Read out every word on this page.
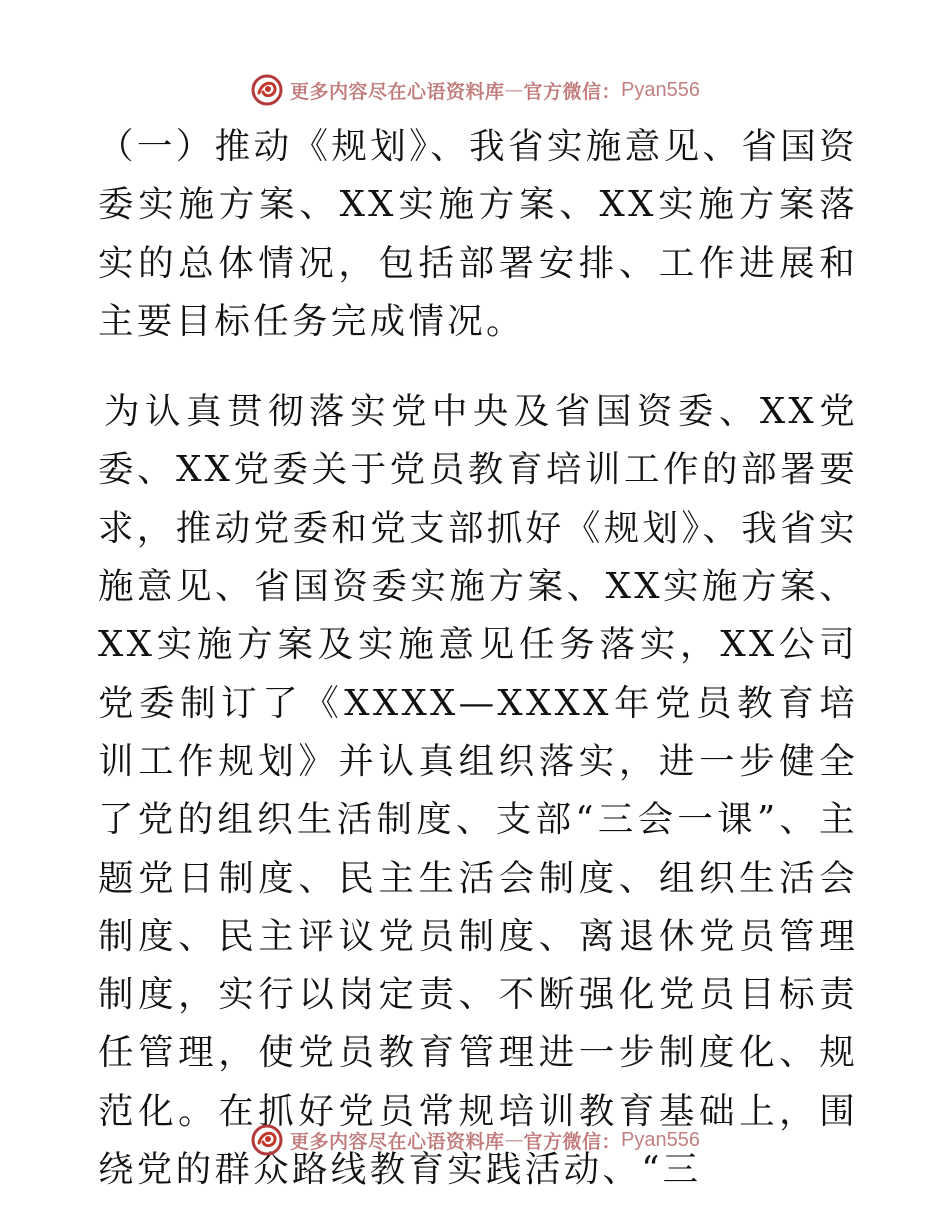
更多内容尽在心语资料库 — 官方微信： Pyan556

（一）推动《规划》、我省实施意见、省国资委实施方案、XX实施方案、XX实施方案落实的总体情况，包括部署安排、工作进展和主要目标任务完成情况。

为认真贯彻落实党中央及省国资委、XX党委、XX党委关于党员教育培训工作的部署要求，推动党委和党支部抓好《规划》、我省实施意见、省国资委实施方案、XX实施方案、XX实施方案及实施意见任务落实，XX公司党委制订了《XXXX—XXXX年党员教育培训工作规划》并认真组织落实，进一步健全了党的组织生活制度、支部“三会一课”、主题党日制度、民主生活会制度、组织生活会制度、民主评议党员制度、离退休党员管理制度，实行以岗定责、不断强化党员目标责任管理，使党员教育管理进一步制度化、规范化。在抓好党员常规培训教育基础上，围绕党的群众路线教育实践活动、“三

更多内容尽在心语资料库 — 官方微信： Pyan556
